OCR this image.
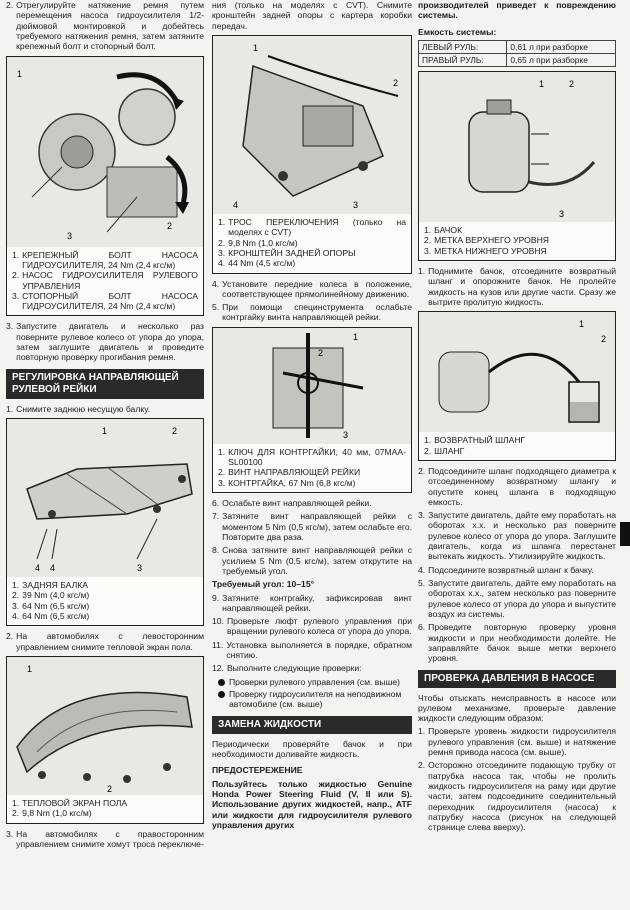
2. Отрегулируйте натяжение ремня путем перемещения насоса гидроусилителя 1/2-дюймовой монтировкой и добейтесь требуемого натяжения ремня, затем затяните крепежный болт и стопорный болт.
1
2
3
1. КРЕПЕЖНЫЙ БОЛТ НАСОСА ГИДРОУСИЛИТЕЛЯ, 24 Nm (2,4 кгс/м)
2. НАСОС ГИДРОУСИЛИТЕЛЯ РУЛЕВОГО УПРАВЛЕНИЯ
3. СТОПОРНЫЙ БОЛТ НАСОСА ГИДРОУСИЛИТЕЛЯ, 24 Nm (2,4 кгс/м)
3. Запустите двигатель и несколько раз поверните рулевое колесо от упора до упора, затем заглушите двигатель и проведите повторную проверку прогибания ремня.
РЕГУЛИРОВКА НАПРАВЛЯЮЩЕЙ РУЛЕВОЙ РЕЙКИ
1. Снимите заднюю несущую балку.
1	2
3
4 4
1. ЗАДНЯЯ БАЛКА
2. 39 Nm (4,0 кгс/м)
3. 64 Nm (6,5 кгс/м)
4. 64 Nm (6,5 кгс/м)
2. На автомобилях с левосторонним управлением снимите тепловой экран пола.
1
2
1. ТЕПЛОВОЙ ЭКРАН ПОЛА
2. 9,8 Nm (1,0 кгс/м)
3. На автомобилях с правосторонним управлением снимите хомут троса переключе-
ния (только на моделях с CVT). Снимите кронштейн задней опоры с картера коробки передач.
1
2
3
4
1. ТРОС ПЕРЕКЛЮЧЕНИЯ (только на моделях с CVT)
2. 9,8 Nm (1,0 кгс/м)
3. КРОНШТЕЙН ЗАДНЕЙ ОПОРЫ
4. 44 Nm (4,5 кгс/м)
4. Установите передние колеса в положение, соответствующее прямолинейному движению.
5. При помощи специнструмента ослабьте контргайку винта направляющей рейки.
1
2
3
1. КЛЮЧ ДЛЯ КОНТРГАЙКИ, 40 мм, 07MAA-SL00100
2. ВИНТ НАПРАВЛЯЮЩЕЙ РЕЙКИ
3. КОНТРГАЙКА, 67 Nm (6,8 кгс/м)
6. Ослабьте винт направляющей рейки.
7. Затяните винт направляющей рейки с моментом 5 Nm (0,5 кгс/м), затем ослабьте его. Повторите два раза.
8. Снова затяните винт направляющей рейки с усилием 5 Nm (0,5 кгс/м), затем открутите на требуемый угол.
Требуемый угол: 10–15°
9. Затяните контргайку, зафиксировав винт направляющей рейки.
10. Проверьте люфт рулевого управления при вращении рулевого колеса от упора до упора.
11. Установка выполняется в порядке, обратном снятию.
12. Выполните следующие проверки:
Проверки рулевого управления (см. выше)
Проверку гидроусилителя на неподвижном автомобиле (см. выше)
ЗАМЕНА ЖИДКОСТИ
Периодически проверяйте бачок и при необходимости доливайте жидкость.
ПРЕДОСТЕРЕЖЕНИЕ
Пользуйтесь только жидкостью Genuine Honda Power Steering Fluid (V, II или S). Использование других жидкостей, напр., ATF или жидкости для гидроусилителя рулевого управления других
производителей приведет к повреждению системы.
Емкость системы:
ЛЕВЫЙ РУЛЬ:	0,61 л при разборке
ПРАВЫЙ РУЛЬ:	0,65 л при разборке
1	2
3
1. БАЧОК
2. МЕТКА ВЕРХНЕГО УРОВНЯ
3. МЕТКА НИЖНЕГО УРОВНЯ
1. Поднимите бачок, отсоедините возвратный шланг и опорожните бачок. Не пролейте жидкость на кузов или другие части. Сразу же вытрите пролитую жидкость.
1
2
1. ВОЗВРАТНЫЙ ШЛАНГ
2. ШЛАНГ
2. Подсоедините шланг подходящего диаметра к отсоединенному возвратному шлангу и опустите конец шланга в подходящую емкость.
3. Запустите двигатель, дайте ему поработать на оборотах х.х. и несколько раз поверните рулевое колесо от упора до упора. Заглушите двигатель, когда из шланга перестанет вытекать жидкость. Утилизируйте жидкость.
4. Подсоедините возвратный шланг к бачку.
5. Запустите двигатель, дайте ему поработать на оборотах х.х., затем несколько раз поверните рулевое колесо от упора до упора и выпустите воздух из системы.
6. Проведите повторную проверку уровня жидкости и при необходимости долейте. Не заправляйте бачок выше метки верхнего уровня.
ПРОВЕРКА ДАВЛЕНИЯ В НАСОСЕ
Чтобы отыскать неисправность в насосе или рулевом механизме, проверьте давление жидкости следующим образом:
1. Проверьте уровень жидкости гидроусилителя рулевого управления (см. выше) и натяжение ремня привода насоса (см. выше).
2. Осторожно отсоедините подающую трубку от патрубка насоса так, чтобы не пролить жидкость гидроусилителя на раму иди другие части, затем подсоедините соединительный переходник гидроусилителя (насоса) к патрубку насоса (рисунок на следующей странице слева вверху).
